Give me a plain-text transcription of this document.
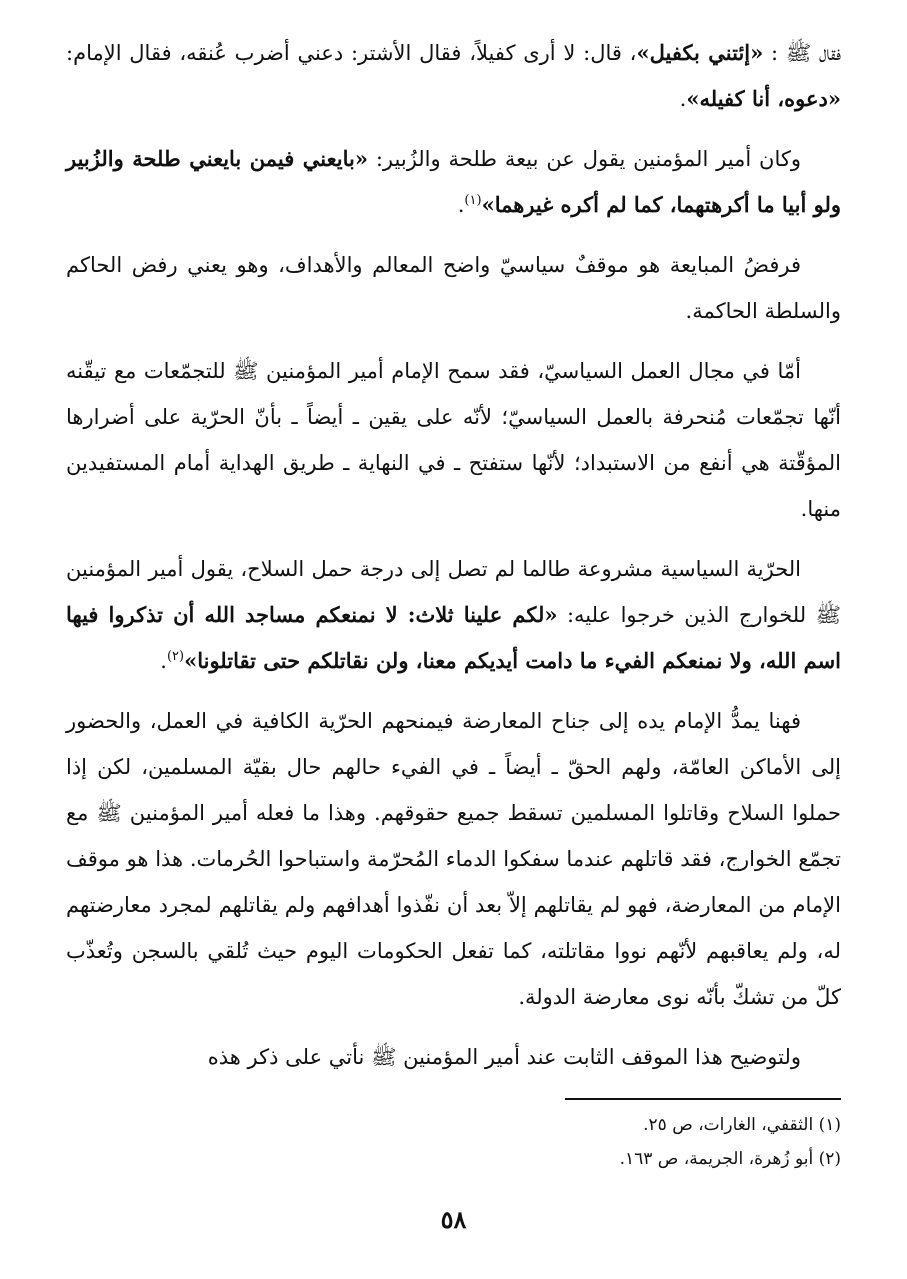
فقال ﷺ : «إئتني بكفيل»، قال: لا أرى كفيلاً، فقال الأشتر: دعني أضرب عُنقه، فقال الإمام: «دعوه، أنا كفيله».

وكان أمير المؤمنين يقول عن بيعة طلحة والزُبير: «بايعني فيمن بايعني طلحة والزُبير ولو أبيا ما أكرهتهما، كما لم أكره غيرهما»$^{(١)}$.

فرفضُ المبايعة هو موقفٌ سياسيّ واضح المعالم والأهداف، وهو يعني رفض الحاكم والسلطة الحاكمة.

أمّا في مجال العمل السياسيّ، فقد سمح الإمام أمير المؤمنين ﷺ للتجمّعات مع تيقّنه أنّها تجمّعات مُنحرفة بالعمل السياسيّ؛ لأنّه على يقين ـ أيضاً ـ بأنّ الحرّية على أضرارها المؤقّتة هي أنفع من الاستبداد؛ لأنّها ستفتح ـ في النهاية ـ طريق الهداية أمام المستفيدين منها.

الحرّية السياسية مشروعة طالما لم تصل إلى درجة حمل السلاح، يقول أمير المؤمنين ﷺ للخوارج الذين خرجوا عليه: «لكم علينا ثلاث: لا نمنعكم مساجد الله أن تذكروا فيها اسم الله، ولا نمنعكم الفيء ما دامت أيديكم معنا، ولن نقاتلكم حتى تقاتلونا»$^{(٢)}$.

فهنا يمدُّ الإمام يده إلى جناح المعارضة فيمنحهم الحرّية الكافية في العمل، والحضور إلى الأماكن العامّة، ولهم الحقّ ـ أيضاً ـ في الفيء حالهم حال بقيّة المسلمين، لكن إذا حملوا السلاح وقاتلوا المسلمين تسقط جميع حقوقهم. وهذا ما فعله أمير المؤمنين ﷺ مع تجمّع الخوارج، فقد قاتلهم عندما سفكوا الدماء المُحرّمة واستباحوا الحُرمات. هذا هو موقف الإمام من المعارضة، فهو لم يقاتلهم إلاّ بعد أن نفّذوا أهدافهم ولم يقاتلهم لمجرد معارضتهم له، ولم يعاقبهم لأنّهم نووا مقاتلته، كما تفعل الحكومات اليوم حيث تُلقي بالسجن وتُعذّب كلّ من تشكّ بأنّه نوى معارضة الدولة.

ولتوضيح هذا الموقف الثابت عند أمير المؤمنين ﷺ نأتي على ذكر هذه

(١) الثقفي، الغارات، ص ٢٥.
(٢) أبو زُهرة، الجريمة، ص ١٦٣.
٥٨
